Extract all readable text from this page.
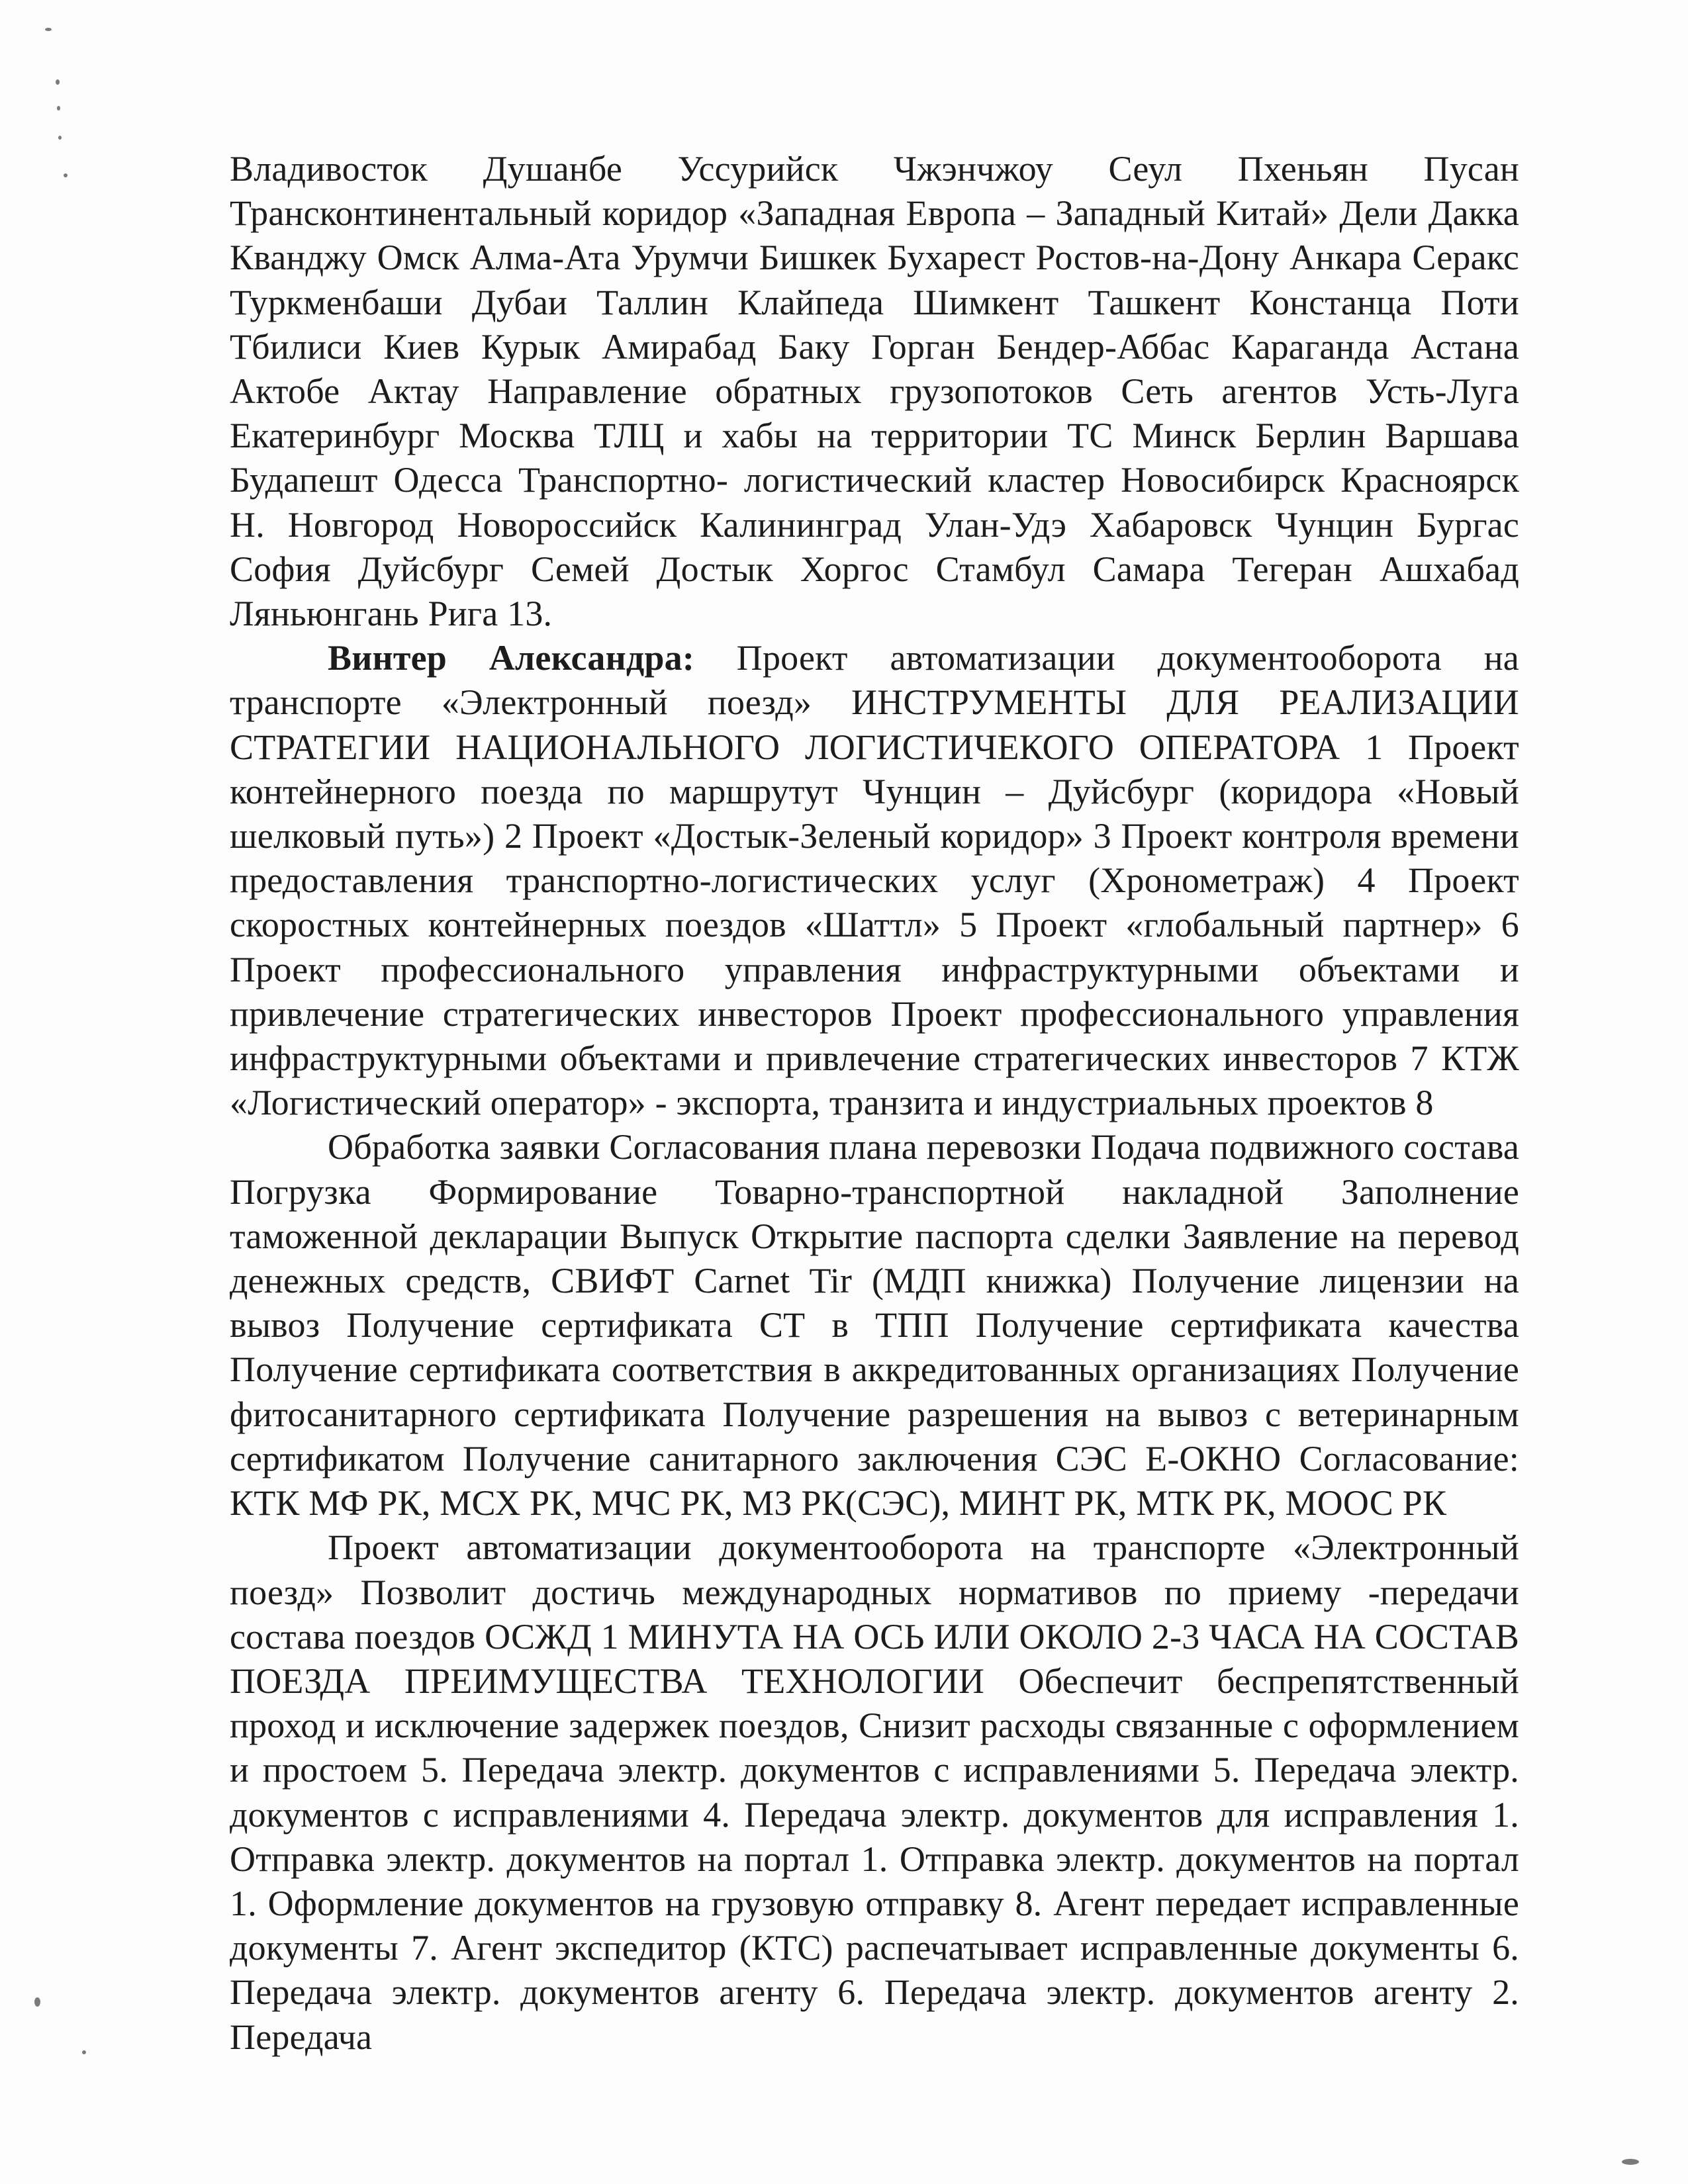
Владивосток Душанбе Уссурийск Чжэнчжоу Сеул Пхеньян Пусан Трансконтинентальный коридор «Западная Европа – Западный Китай» Дели Дакка Кванджу Омск Алма-Ата Урумчи Бишкек Бухарест Ростов-на-Дону Анкара Серакс Туркменбаши Дубаи Таллин Клайпеда Шимкент Ташкент Констанца Поти Тбилиси Киев Курык Амирабад Баку Горган Бендер-Аббас Караганда Астана Актобе Актау Направление обратных грузопотоков Сеть агентов Усть-Луга Екатеринбург Москва ТЛЦ и хабы на территории ТС Минск Берлин Варшава Будапешт Одесса Транспортно- логистический кластер Новосибирск Красноярск Н. Новгород Новороссийск Калининград Улан-Удэ Хабаровск Чунцин Бургас София Дуйсбург Семей Достык Хоргос Стамбул Самара Тегеран Ашхабад Ляньюнгань Рига 13.

Винтер Александра: Проект автоматизации документооборота на транспорте «Электронный поезд» ИНСТРУМЕНТЫ ДЛЯ РЕАЛИЗАЦИИ СТРАТЕГИИ НАЦИОНАЛЬНОГО ЛОГИСТИЧЕКОГО ОПЕРАТОРА 1 Проект контейнерного поезда по маршрутут Чунцин – Дуйсбург (коридора «Новый шелковый путь») 2 Проект «Достык-Зеленый коридор» 3 Проект контроля времени предоставления транспортно-логистических услуг (Хронометраж) 4 Проект скоростных контейнерных поездов «Шаттл» 5 Проект «глобальный партнер» 6 Проект профессионального управления инфраструктурными объектами и привлечение стратегических инвесторов Проект профессионального управления инфраструктурными объектами и привлечение стратегических инвесторов 7 КТЖ «Логистический оператор» - экспорта, транзита и индустриальных проектов 8

Обработка заявки Согласования плана перевозки Подача подвижного состава Погрузка Формирование Товарно-транспортной накладной Заполнение таможенной декларации Выпуск Открытие паспорта сделки Заявление на перевод денежных средств, СВИФТ Carnet Tir (МДП книжка) Получение лицензии на вывоз Получение сертификата СТ в ТПП Получение сертификата качества Получение сертификата соответствия в аккредитованных организациях Получение фитосанитарного сертификата Получение разрешения на вывоз с ветеринарным сертификатом Получение санитарного заключения СЭС Е-ОКНО Согласование: КТК МФ РК, МСХ РК, МЧС РК, МЗ РК(СЭС), МИНТ РК, МТК РК, МООС РК

Проект автоматизации документооборота на транспорте «Электронный поезд» Позволит достичь международных нормативов по приему -передачи состава поездов ОСЖД 1 МИНУТА НА ОСЬ ИЛИ ОКОЛО 2-3 ЧАСА НА СОСТАВ ПОЕЗДА ПРЕИМУЩЕСТВА ТЕХНОЛОГИИ Обеспечит беспрепятственный проход и исключение задержек поездов, Снизит расходы связанные с оформлением и простоем 5. Передача электр. документов с исправлениями 5. Передача электр. документов с исправлениями 4. Передача электр. документов для исправления 1. Отправка электр. документов на портал 1. Отправка электр. документов на портал 1. Оформление документов на грузовую отправку 8. Агент передает исправленные документы 7. Агент экспедитор (КТС) распечатывает исправленные документы 6. Передача электр. документов агенту 6. Передача электр. документов агенту 2. Передача
